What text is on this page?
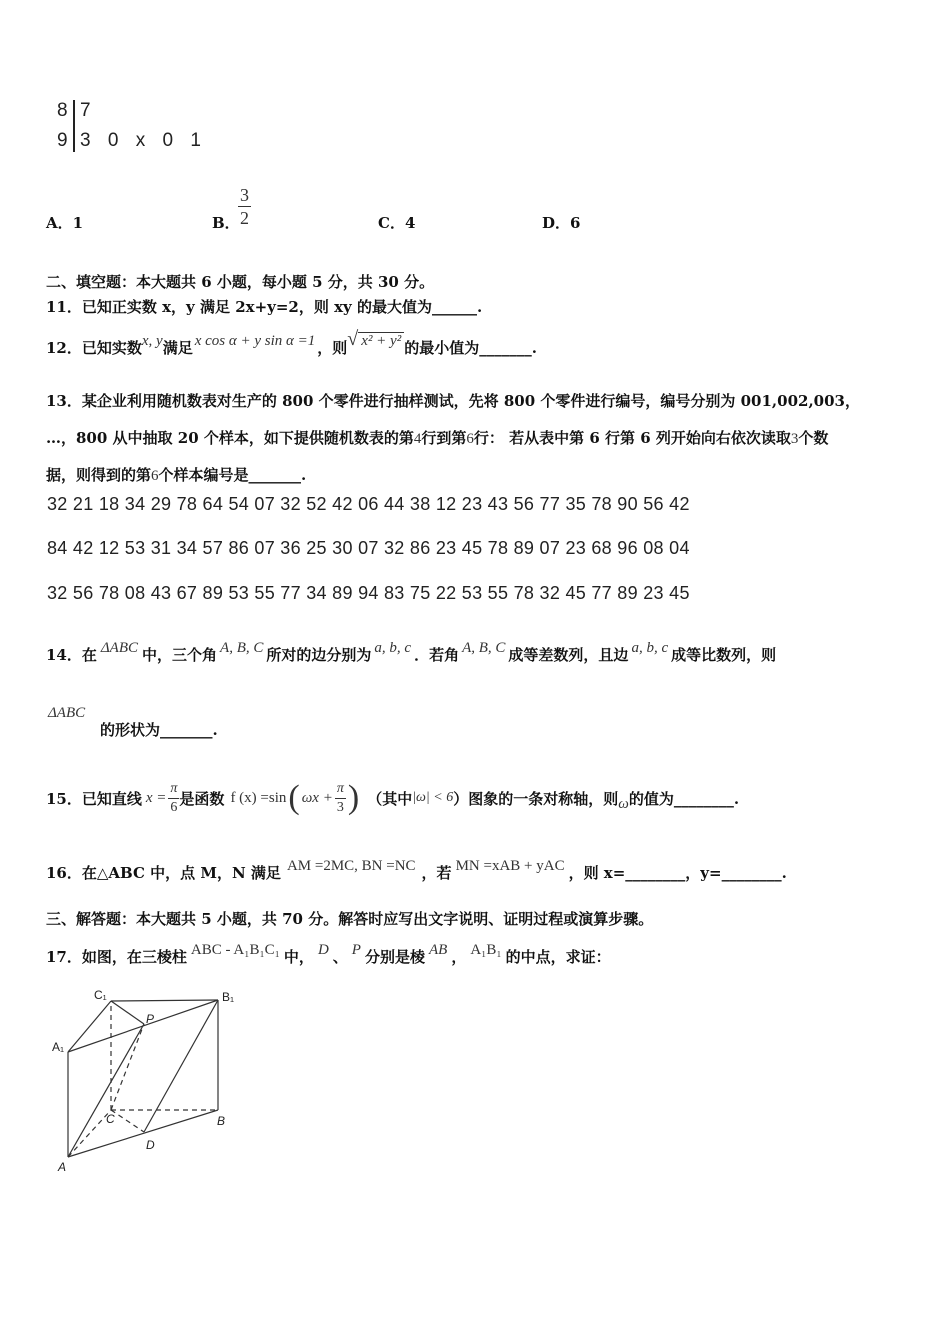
8 7
9 3 0 x 0 1
A．1	B．
$\frac{3}{2}$	C．4	D．6
二、填空题：本大题共 6 小题，每小题 5 分，共 30 分。
11．已知正实数 x，y 满足 2x+y=2，则 xy 的最大值为______.
12．已知实数x, y满足 x cos α + y sin α =1 ，则√ x² + y² 的最小值为_______.
13．某企业利用随机数表对生产的 800 个零件进行抽样测试，先将 800 个零件进行编号，编号分别为 001,002,003，
…，800 从中抽取 20 个样本，如下提供随机数表的第4行到第6行： 若从表中第 6 行第 6 列开始向右依次读取3个数
据，则得到的第6个样本编号是_______.
32 21 18 34 29 78 64 54 07 32 52 42 06 44 38 12 23 43 56 77 35 78 90 56 42
84 42 12 53 31 34 57 86 07 36 25 30 07 32 86 23 45 78 89 07 23 68 96 08 04
32 56 78 08 43 67 89 53 55 77 34 89 94 83 75 22 53 55 78 32 45 77 89 23 45
14．在 ΔABC 中，三个角 A, B, C 所对的边分别为 a, b, c ．若角 A, B, C 成等差数列，且边 a, b, c 成等比数列，则
ΔABC
的形状为_______.
15．已知直线 $x = \frac{\pi}{6}$ 是函数 f (x) =sin ( $\omega x + \frac{\pi}{3}$ ) （其中 |ω| < 6 ）图象的一条对称轴，则 ω 的值为________.
16．在△ABC 中，点 M，N 满足 AM =2MC, BN =NC ，若 MN =xAB + yAC ，则 x=________，y=________.
三、解答题：本大题共 5 小题，共 70 分。解答时应写出文字说明、证明过程或演算步骤。
17．如图，在三棱柱 ABC - A₁B₁C₁ 中， D 、 P 分别是棱 AB ， A₁B₁ 的中点，求证：
C₁
P
B₁
A₁
C	B
D
A
